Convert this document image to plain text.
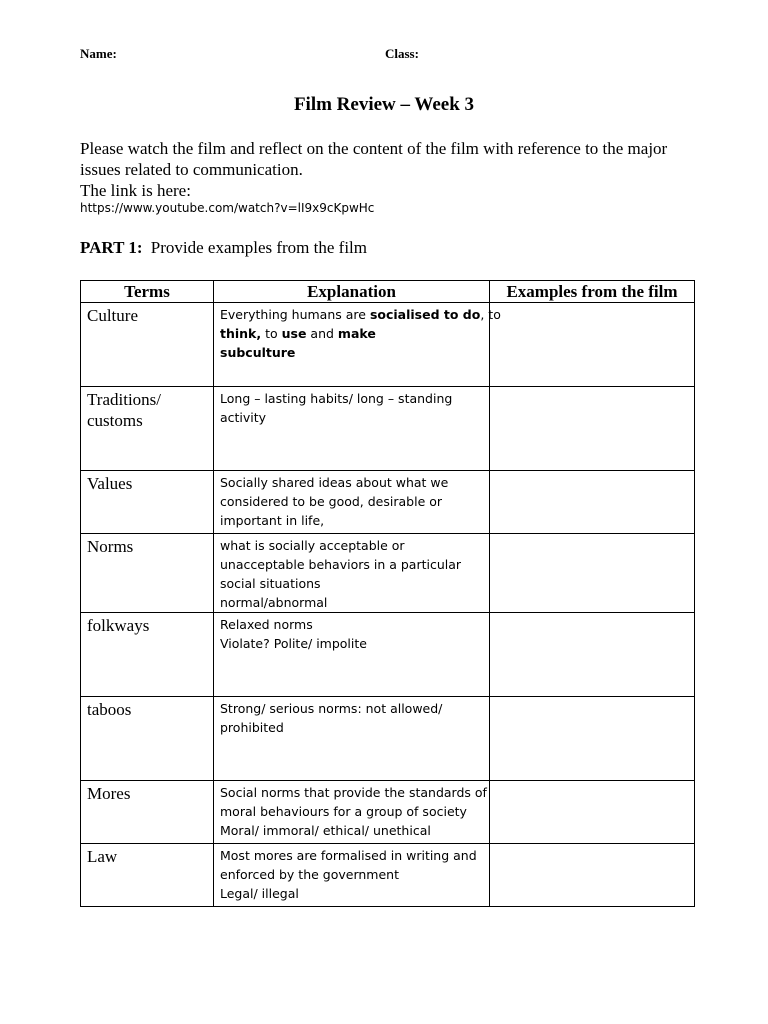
Name:	Class:
Film Review – Week 3
Please watch the film and reflect on the content of the film with reference to the major
issues related to communication.
The link is here:
https://www.youtube.com/watch?v=lI9x9cKpwHc
PART 1: Provide examples from the film
Terms	Explanation	Examples from the film

Culture	Everything humans are socialised to do, to
think, to use and make
subculture	

Traditions/
customs	Long – lasting habits/ long – standing
activity	

Values	Socially shared ideas about what we
considered to be good, desirable or
important in life,	

Norms	what is socially acceptable or
unacceptable behaviors in a particular
social situations
normal/abnormal	

folkways	Relaxed norms
Violate? Polite/ impolite	

taboos	Strong/ serious norms: not allowed/
prohibited	

Mores	Social norms that provide the standards of
moral behaviours for a group of society
Moral/ immoral/ ethical/ unethical	

Law	Most mores are formalised in writing and
enforced by the government
Legal/ illegal	
